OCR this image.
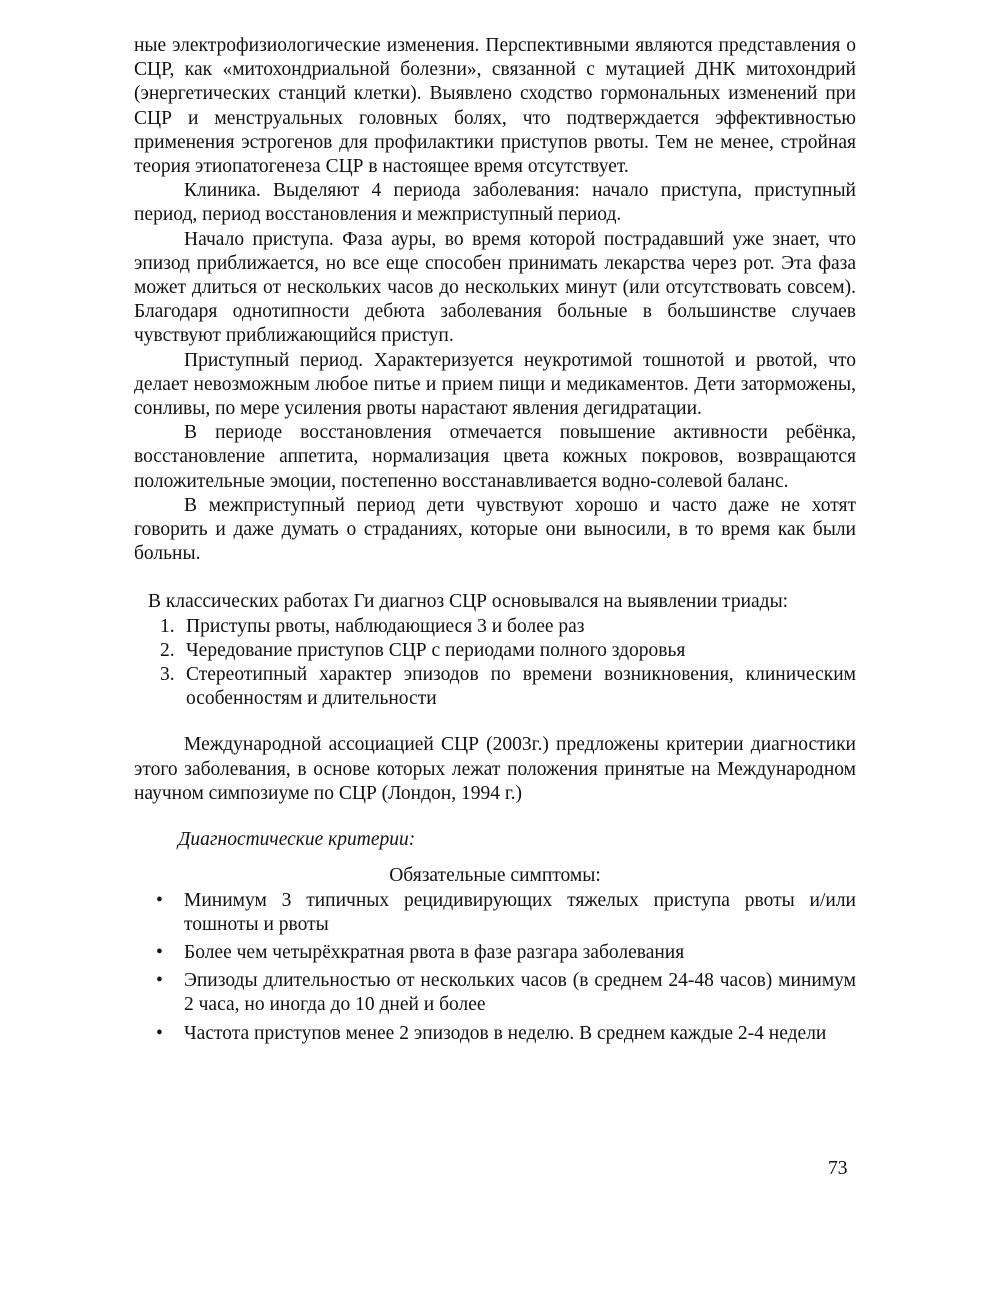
ные электрофизиологические изменения. Перспективными являются представления о СЦР, как «митохондриальной болезни», связанной с мутацией ДНК митохондрий (энергетических станций клетки). Выявлено сходство гормональных изменений при СЦР и менструальных головных болях, что подтверждается эффективностью применения эстрогенов для профилактики приступов рвоты. Тем не менее, стройная теория этиопатогенеза СЦР в настоящее время отсутствует.

Клиника. Выделяют 4 периода заболевания: начало приступа, приступный период, период восстановления и межприступный период.

Начало приступа. Фаза ауры, во время которой пострадавший уже знает, что эпизод приближается, но все еще способен принимать лекарства через рот. Эта фаза может длиться от нескольких часов до нескольких минут (или отсутствовать совсем). Благодаря однотипности дебюта заболевания больные в большинстве случаев чувствуют приближающийся приступ.

Приступный период. Характеризуется неукротимой тошнотой и рвотой, что делает невозможным любое питье и прием пищи и медикаментов. Дети заторможены, сонливы, по мере усиления рвоты нарастают явления дегидратации.

В периоде восстановления отмечается повышение активности ребёнка, восстановление аппетита, нормализация цвета кожных покровов, возвращаются положительные эмоции, постепенно восстанавливается водно-солевой баланс.

В межприступный период дети чувствуют хорошо и часто даже не хотят говорить и даже думать о страданиях, которые они выносили, в то время как были больны.

В классических работах Ги диагноз СЦР основывался на выявлении триады:

1. Приступы рвоты, наблюдающиеся 3 и более раз
2. Чередование приступов СЦР с периодами полного здоровья
3. Стереотипный характер эпизодов по времени возникновения, клиническим особенностям и длительности

Международной ассоциацией СЦР (2003г.) предложены критерии диагностики этого заболевания, в основе которых лежат положения принятые на Международном научном симпозиуме по СЦР (Лондон, 1994 г.)

Диагностические критерии:
Обязательные симптомы:
• Минимум 3 типичных рецидивирующих тяжелых приступа рвоты и/или тошноты и рвоты
• Более чем четырёхкратная рвота в фазе разгара заболевания
• Эпизоды длительностью от нескольких часов (в среднем 24-48 часов) минимум 2 часа, но иногда до 10 дней и более
• Частота приступов менее 2 эпизодов в неделю. В среднем каждые 2-4 недели
73
